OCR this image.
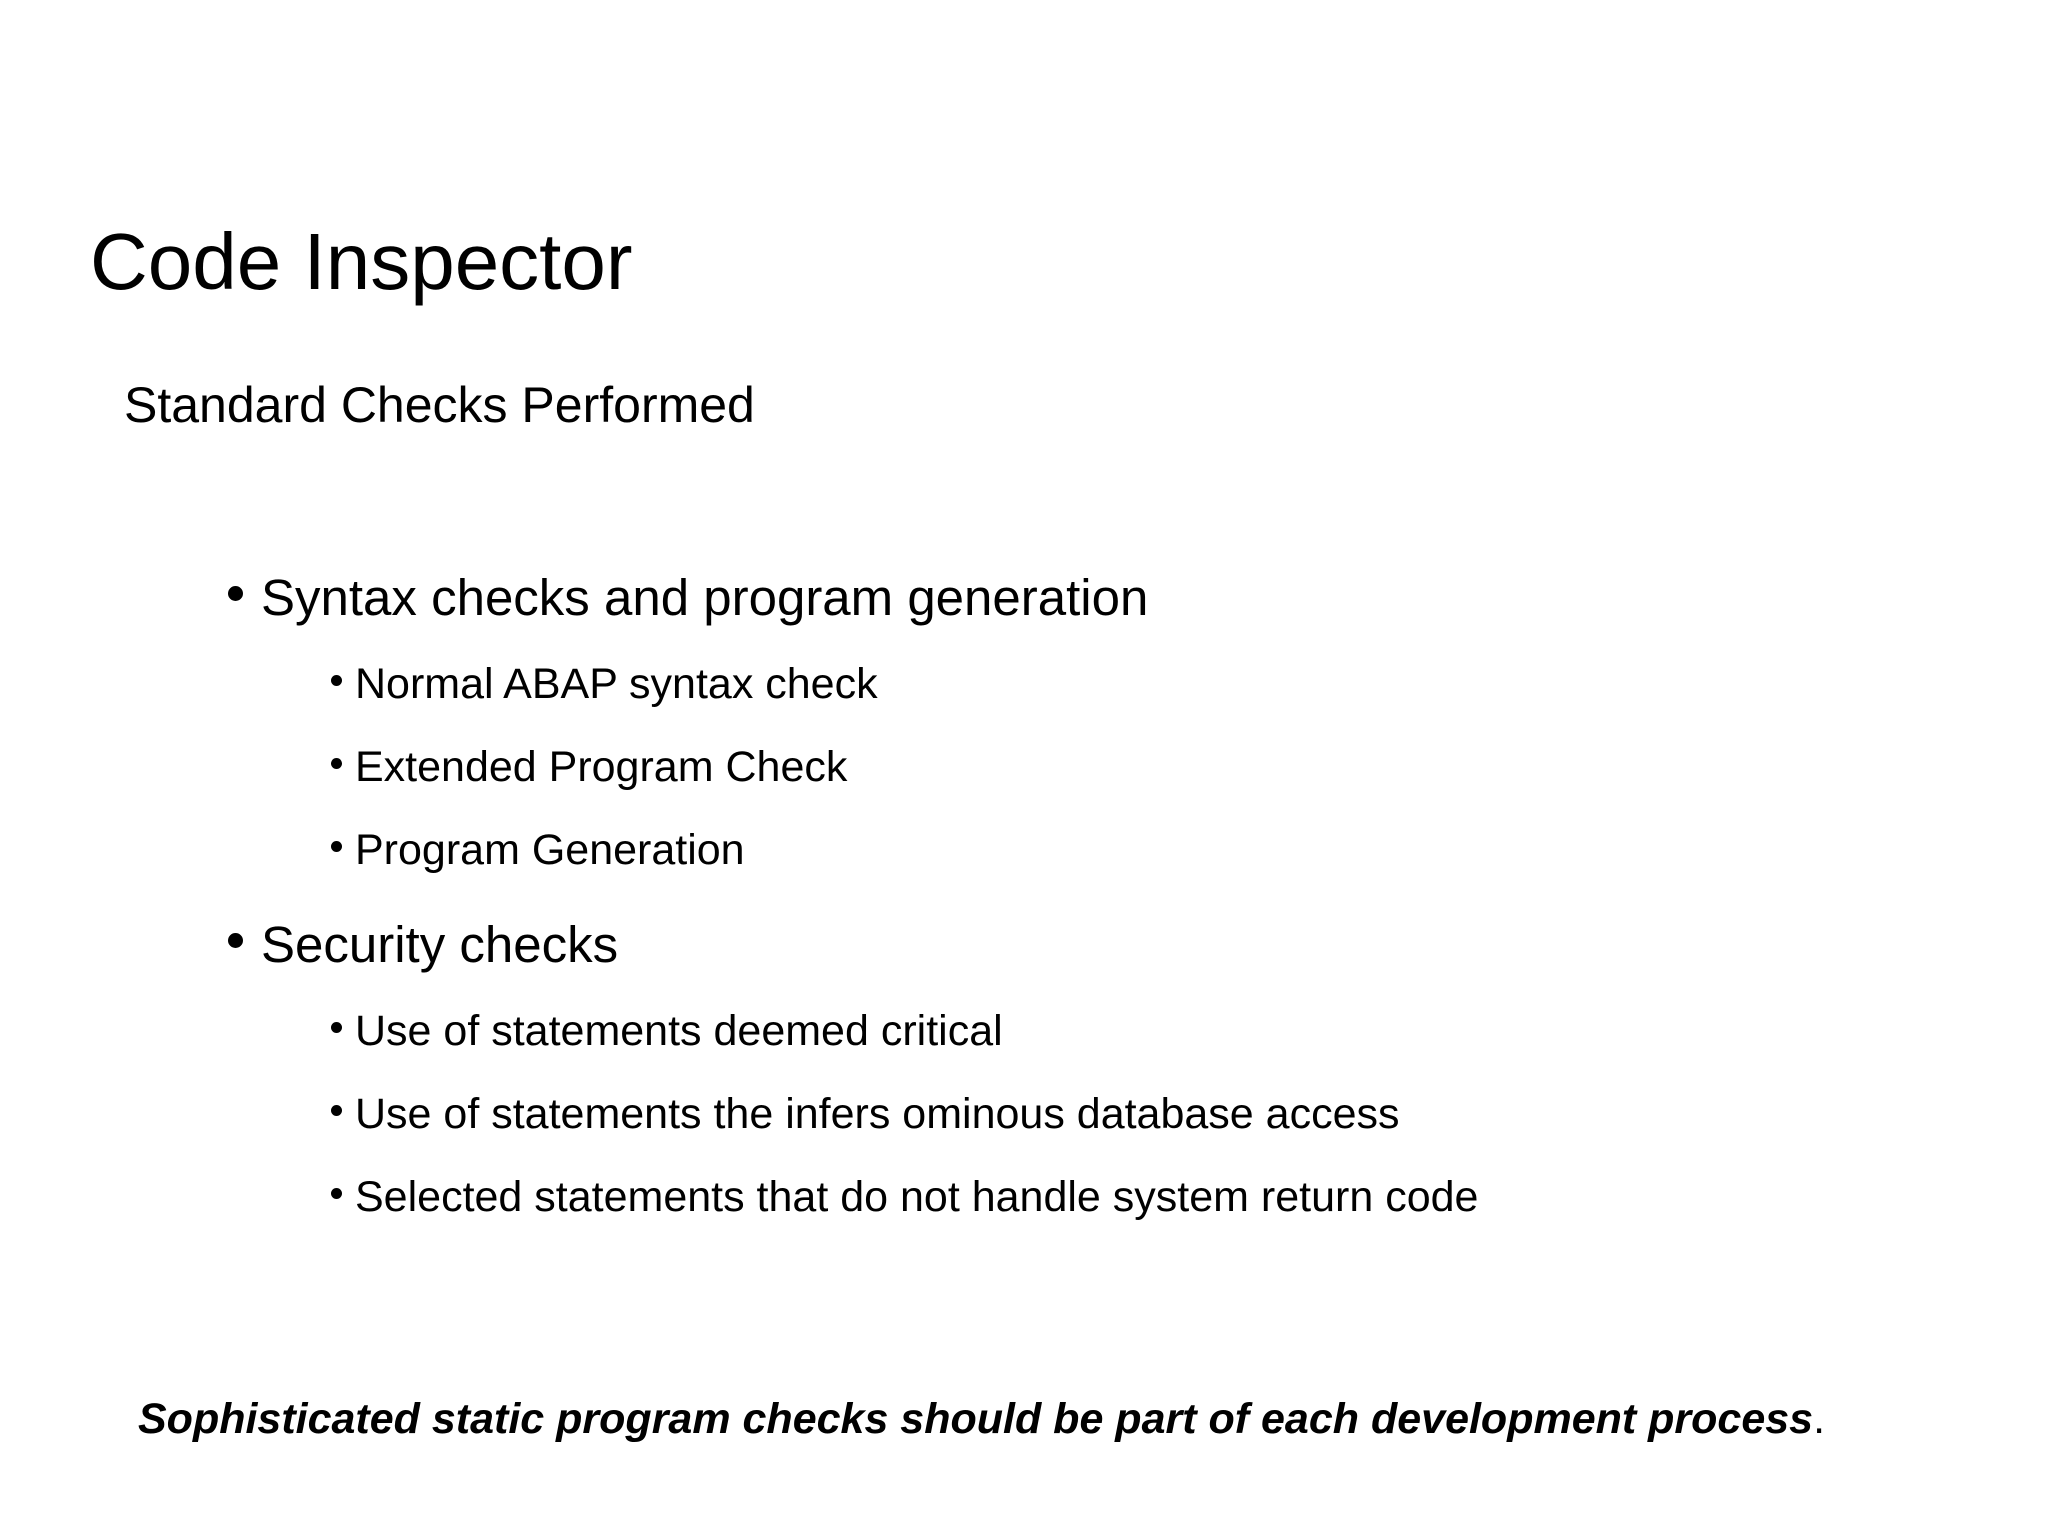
Code Inspector
Standard Checks Performed
Syntax checks and program generation
Normal ABAP syntax check
Extended Program Check
Program Generation
Security checks
Use of statements deemed critical
Use of statements the infers ominous database access
Selected statements that do not handle system return code

Sophisticated static program checks should be part of each development process.
